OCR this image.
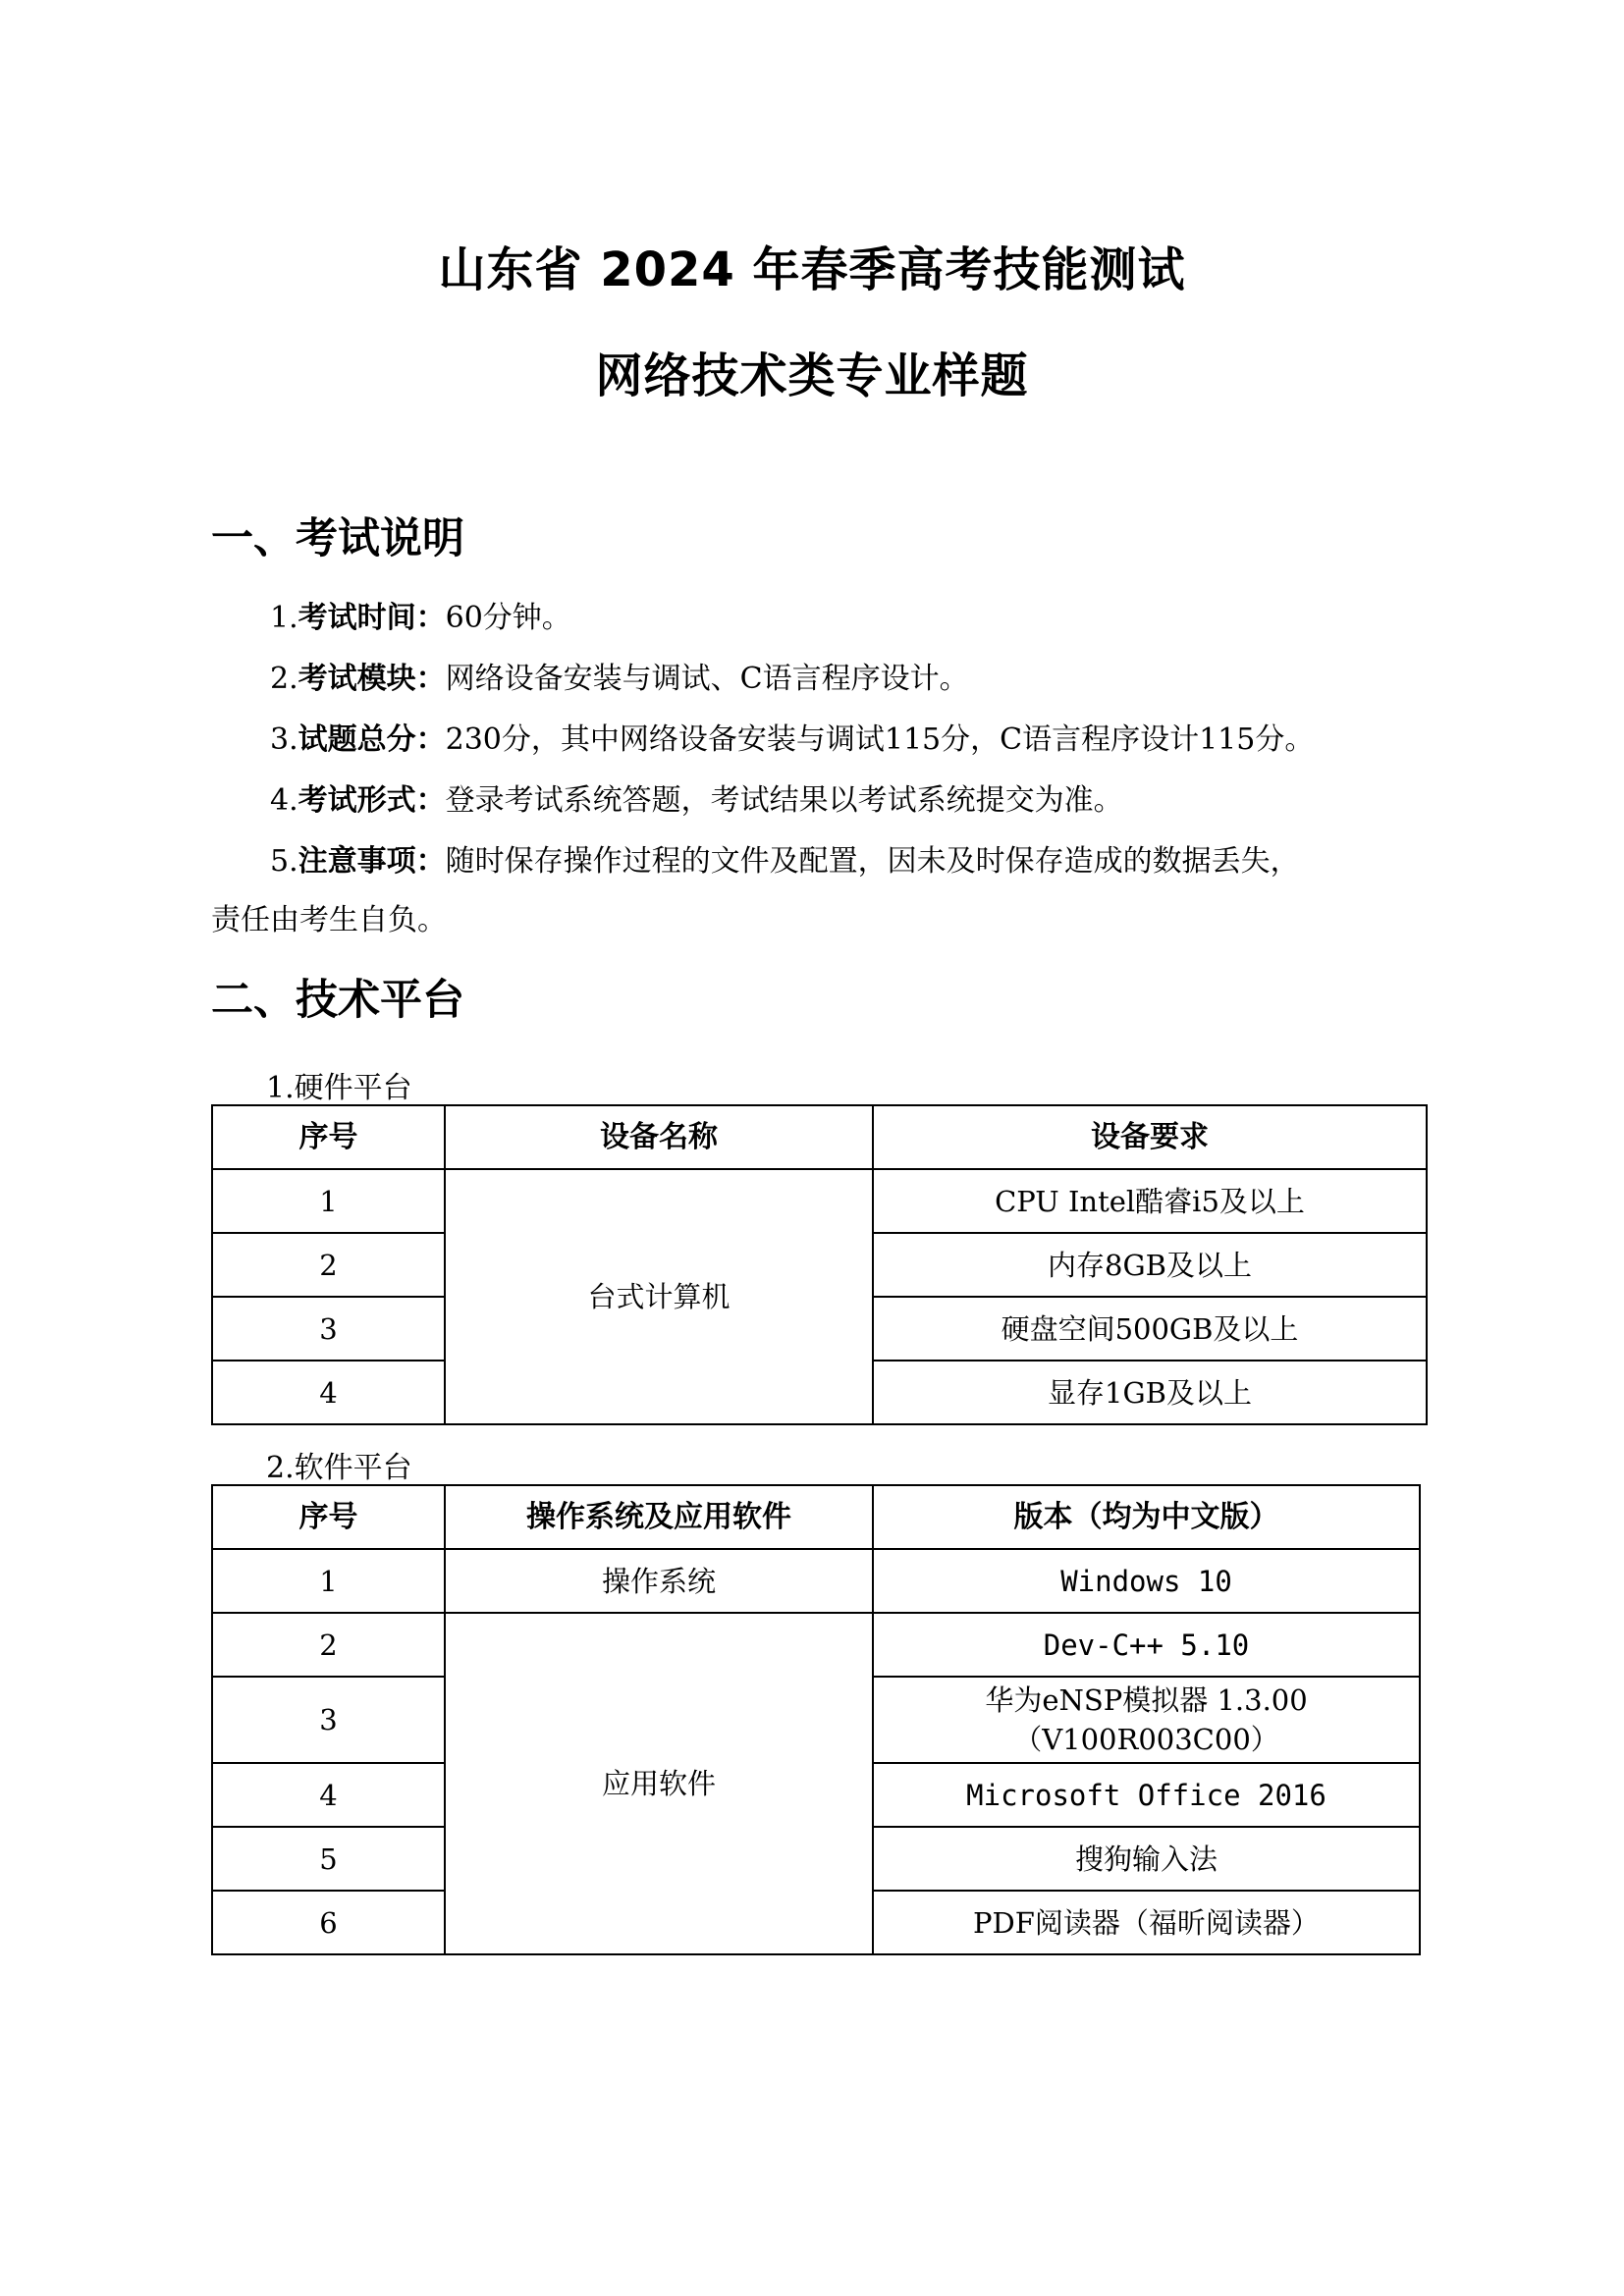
山东省 2024 年春季高考技能测试
网络技术类专业样题
一、考试说明
1.考试时间：60分钟。
2.考试模块：网络设备安装与调试、C语言程序设计。
3.试题总分：230分，其中网络设备安装与调试115分，C语言程序设计115分。
4.考试形式：登录考试系统答题，考试结果以考试系统提交为准。
5.注意事项：随时保存操作过程的文件及配置，因未及时保存造成的数据丢失，
责任由考生自负。
二、技术平台
1.硬件平台
序号	设备名称	设备要求
1	台式计算机	CPU Intel酷睿i5及以上
2		内存8GB及以上
3		硬盘空间500GB及以上
4		显存1GB及以上
2.软件平台
序号	操作系统及应用软件	版本（均为中文版）
1	操作系统	Windows 10
2	应用软件	Dev-C++ 5.10
3		华为eNSP模拟器 1.3.00
（V100R003C00）

4		Microsoft Office 2016
5		搜狗输入法
6		PDF阅读器（福昕阅读器）
